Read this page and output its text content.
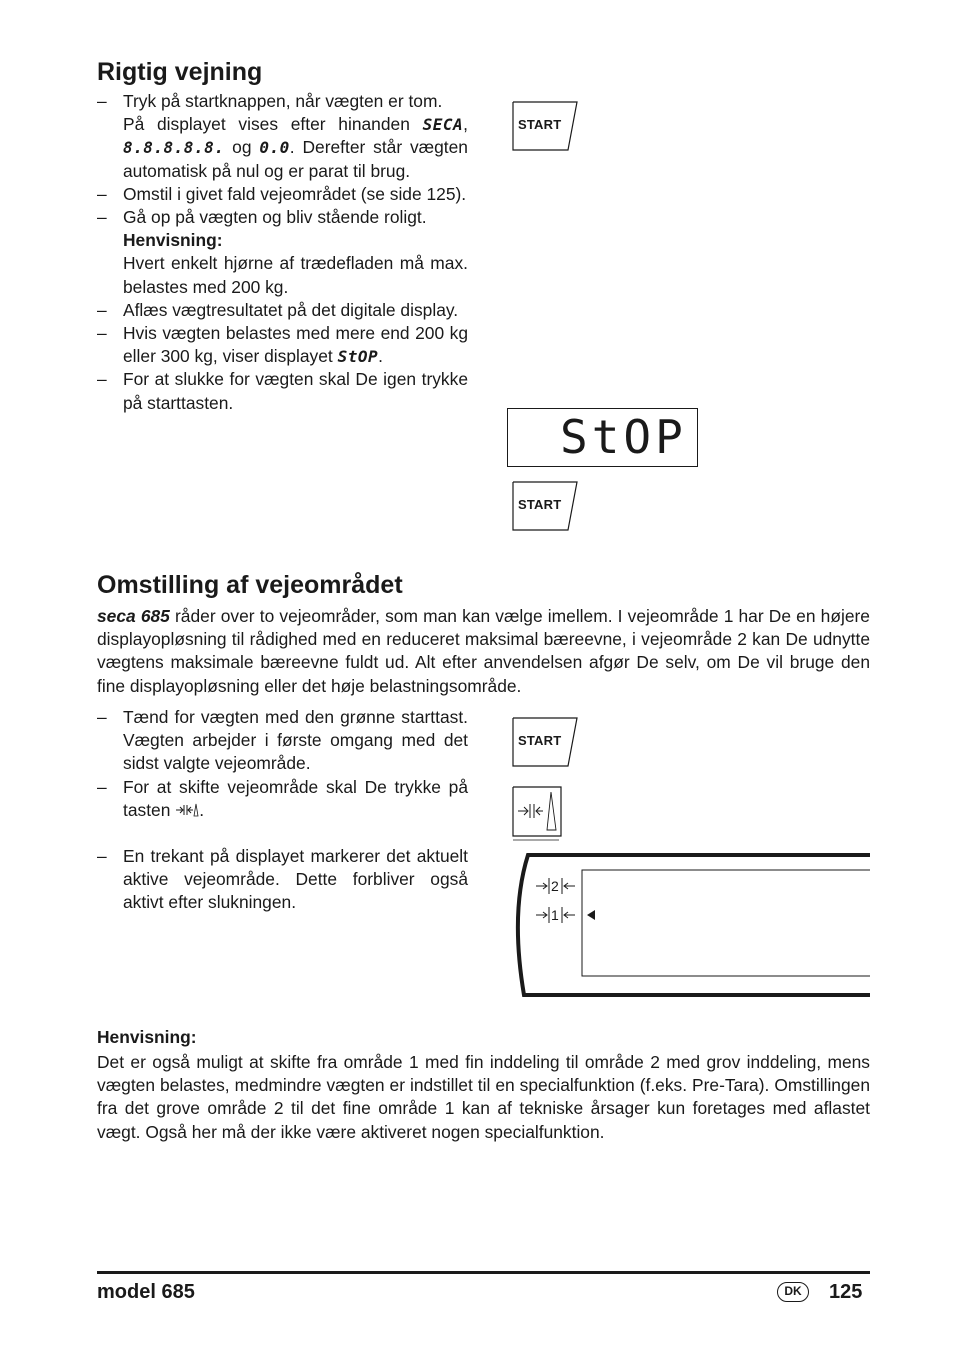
Rigtig vejning
– Tryk på startknappen, når vægten er tom.
På displayet vises efter hinanden SECA, 8.8.8.8.8. og 0.0. Derefter står vægten automatisk på nul og er parat til brug.
– Omstil i givet fald vejeområdet (se side 125).
– Gå op på vægten og bliv stående roligt.
Henvisning:
Hvert enkelt hjørne af trædefladen må max. belastes med 200 kg.
– Aflæs vægtresultatet på det digitale display.
– Hvis vægten belastes med mere end 200 kg eller 300 kg, viser displayet StOP.
– For at slukke for vægten skal De igen trykke på starttasten.
START
StOP
START
Omstilling af vejeområdet
seca 685 råder over to vejeområder, som man kan vælge imellem. I vejeområde 1 har De en højere displayopløsning til rådighed med en reduceret maksimal bæreevne, i vejeområde 2 kan De udnytte vægtens maksimale bæreevne fuldt ud. Alt efter anvendelsen afgør De selv, om De vil bruge den fine displayopløsning eller det høje belastningsområde.
– Tænd for vægten med den grønne starttast. Vægten arbejder i første omgang med det sidst valgte vejeområde.
– For at skifte vejeområde skal De trykke på tasten .
– En trekant på displayet markerer det aktuelt aktive vejeområde. Dette forbliver også aktivt efter slukningen.
START
2
1
Henvisning:
Det er også muligt at skifte fra område 1 med fin inddeling til område 2 med grov inddeling, mens vægten belastes, medmindre vægten er indstillet til en specialfunktion (f.eks. Pre-Tara). Omstillingen fra det grove område 2 til det fine område 1 kan af tekniske årsager kun foretages med aflastet vægt. Også her må der ikke være aktiveret nogen specialfunktion.
model 685	DK	125
